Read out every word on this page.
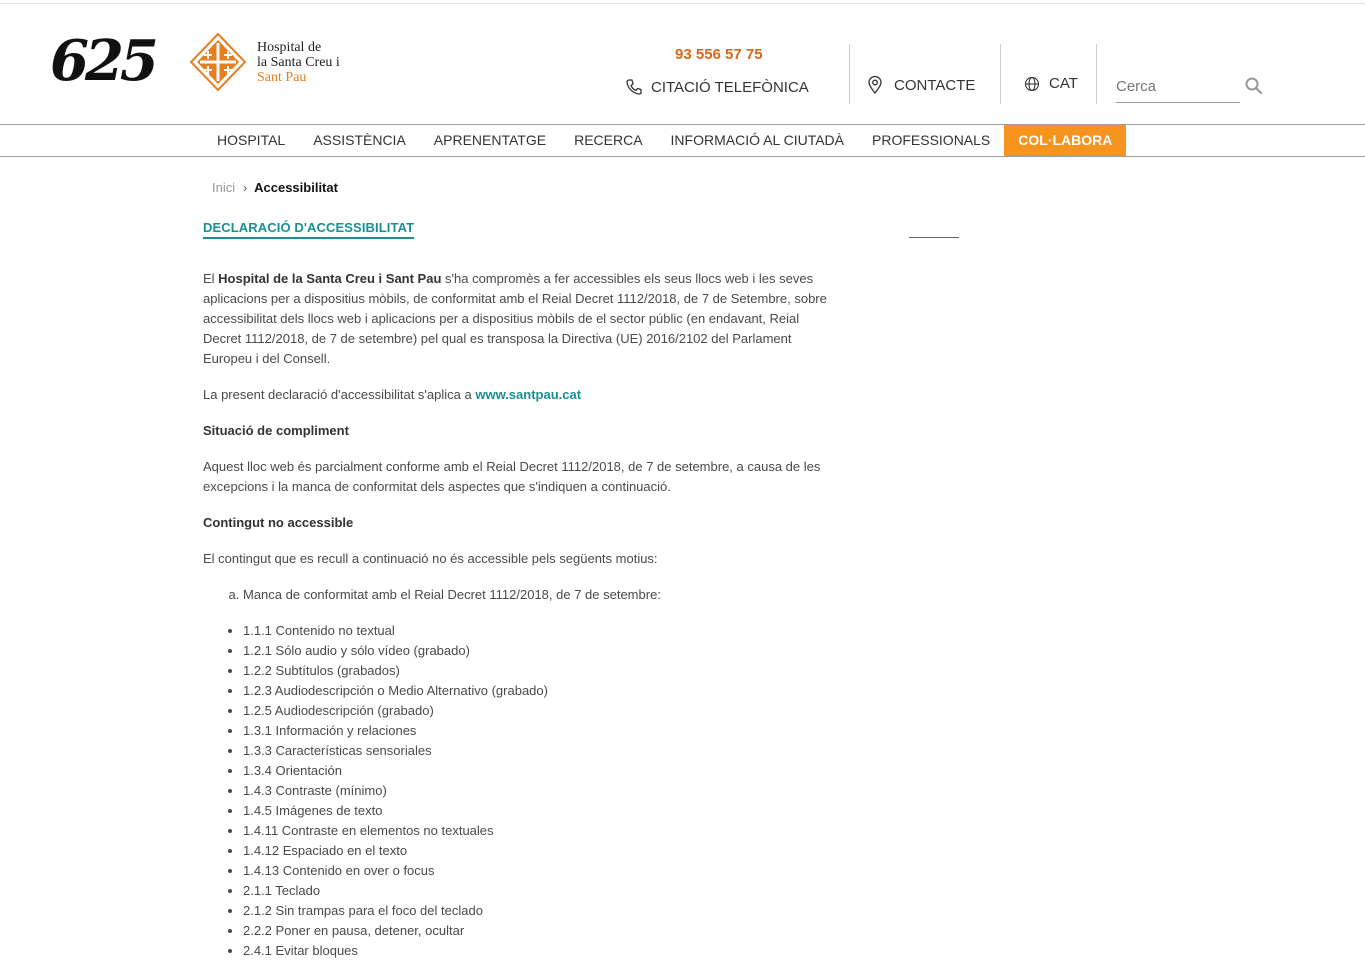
625	Hospital de
la Santa Creu i
Sant Pau
93 556 57 75
CITACIÓ TELEFÒNICA	CONTACTE	CAT
Cerca
HOSPITAL	ASSISTÈNCIA	APRENENTATGE	RECERCA	INFORMACIÓ AL CIUTADÀ	PROFESSIONALS	COL·LABORA
Inici › Accessibilitat
DECLARACIÓ D'ACCESSIBILITAT

El Hospital de la Santa Creu i Sant Pau s'ha compromès a fer accessibles els seus llocs web i les seves aplicacions per a dispositius mòbils, de conformitat amb el Reial Decret 1112/2018, de 7 de Setembre, sobre accessibilitat dels llocs web i aplicacions per a dispositius mòbils de el sector públic (en endavant, Reial Decret 1112/2018, de 7 de setembre) pel qual es transposa la Directiva (UE) 2016/2102 del Parlament Europeu i del Consell.

La present declaració d'accessibilitat s'aplica a www.santpau.cat

Situació de compliment

Aquest lloc web és parcialment conforme amb el Reial Decret 1112/2018, de 7 de setembre, a causa de les excepcions i la manca de conformitat dels aspectes que s'indiquen a continuació.

Contingut no accessible

El contingut que es recull a continuació no és accessible pels següents motius:

a. Manca de conformitat amb el Reial Decret 1112/2018, de 7 de setembre:
• 1.1.1 Contenido no textual
• 1.2.1 Sólo audio y sólo vídeo (grabado)
• 1.2.2 Subtítulos (grabados)
• 1.2.3 Audiodescripción o Medio Alternativo (grabado)
• 1.2.5 Audiodescripción (grabado)
• 1.3.1 Información y relaciones
• 1.3.3 Características sensoriales
• 1.3.4 Orientación
• 1.4.3 Contraste (mínimo)
• 1.4.5 Imágenes de texto
• 1.4.11 Contraste en elementos no textuales
• 1.4.12 Espaciado en el texto
• 1.4.13 Contenido en over o focus
• 2.1.1 Teclado
• 2.1.2 Sin trampas para el foco del teclado
• 2.2.2 Poner en pausa, detener, ocultar
• 2.4.1 Evitar bloques
